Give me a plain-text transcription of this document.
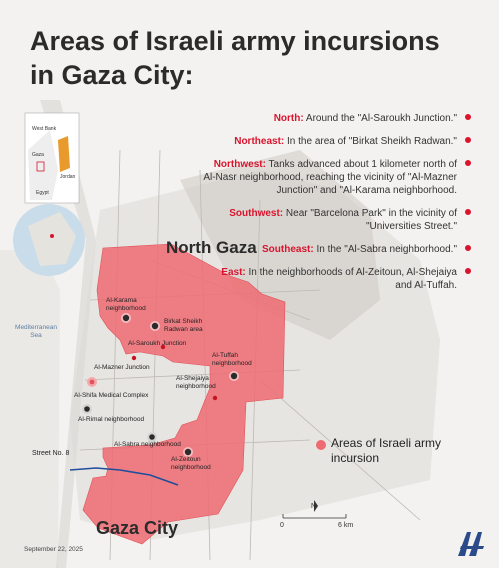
Areas of Israeli army incursions in Gaza City:
North: Around the "Al-Saroukh Junction."
Northeast: In the area of "Birkat Sheikh Radwan."
Northwest: Tanks advanced about 1 kilometer north of Al-Nasr neighborhood, reaching the vicinity of "Al-Mazner Junction" and "Al-Karama neighborhood.
Southwest: Near "Barcelona Park" in the vicinity of "Universities Street."
Southeast: In the "Al-Sabra neighborhood."
East: In the neighborhoods of Al-Zeitoun, Al-Shejaiya and Al-Tuffah.
North Gaza
Gaza City
Mediterranean Sea
Al-Karama neighborhood
Birkat Sheikh Radwan area
Al-Saroukh Junction
Al-Mazner Junction
Al-Tuffah neighborhood
Al-Shejaiya neighborhood
Al-Shifa Medical Complex
Al-Rimal neighborhood
Al-Sabra neighborhood
Al-Zeitoun neighborhood
Street No. 8
Areas of Israeli army incursion
West Bank
Gaza
Jordan
Egypt
0	6 km
N
September 22, 2025
